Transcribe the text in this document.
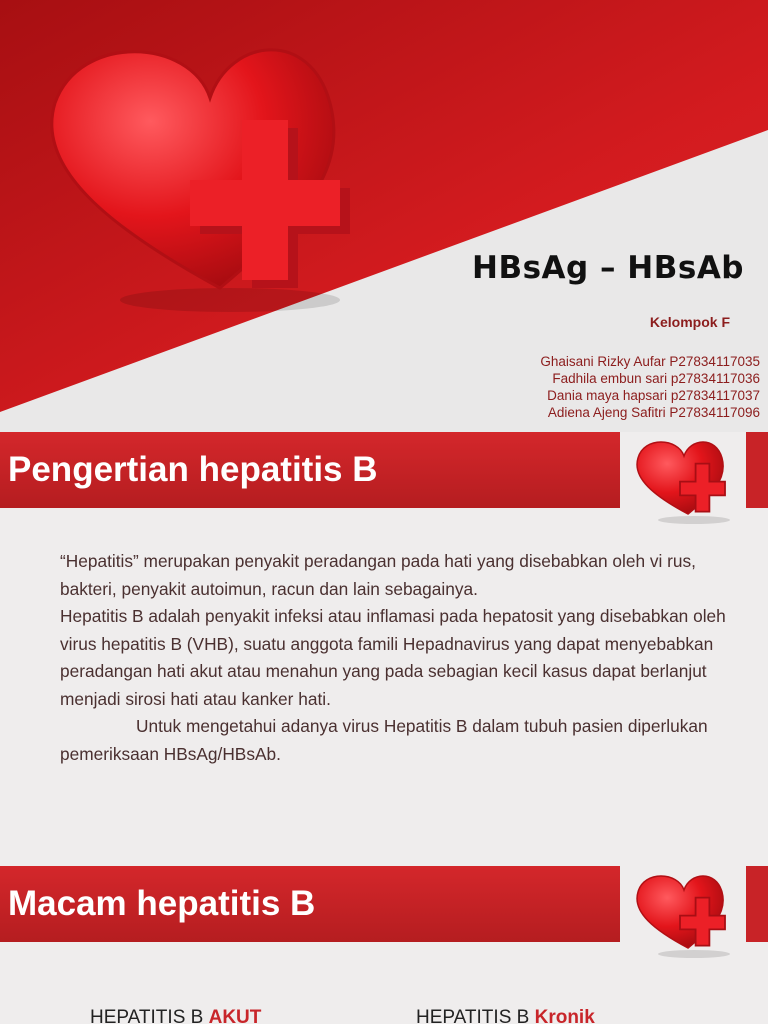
HBsAg – HBsAb
Kelompok F
Ghaisani Rizky Aufar P27834117035
Fadhila embun sari p27834117036
Dania maya hapsari p27834117037
Adiena Ajeng Safitri P27834117096
Pengertian hepatitis B

“Hepatitis” merupakan penyakit peradangan pada hati yang disebabkan oleh vi rus, bakteri, penyakit autoimun, racun dan lain sebagainya.

Hepatitis B adalah penyakit infeksi atau inflamasi pada hepatosit yang disebabkan oleh virus hepatitis B (VHB), suatu anggota famili Hepadnavirus yang dapat menyebabkan peradangan hati akut atau menahun yang pada sebagian kecil kasus dapat berlanjut menjadi sirosi hati atau kanker hati.

Untuk mengetahui adanya virus Hepatitis B dalam tubuh pasien diperlukan pemeriksaan HBsAg/HBsAb.

Macam hepatitis B
HEPATITIS B AKUT	HEPATITIS B Kronik
